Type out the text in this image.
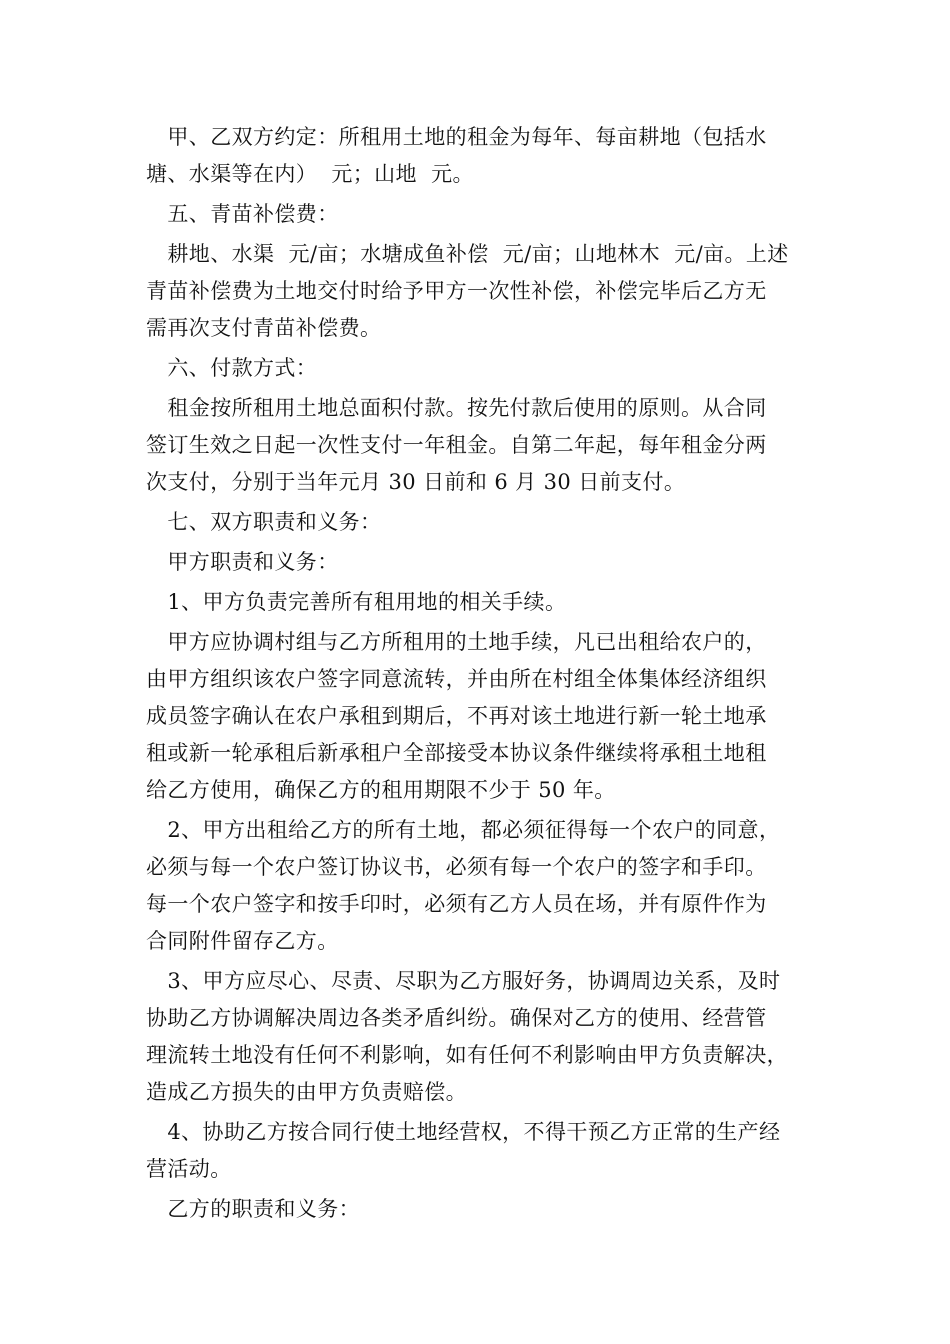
　甲、乙双方约定：所租用土地的租金为每年、每亩耕地（包括水
塘、水渠等在内）  元；山地  元。
　五、青苗补偿费：
　耕地、水渠  元/亩；水塘成鱼补偿  元/亩；山地林木  元/亩。上述
青苗补偿费为土地交付时给予甲方一次性补偿，补偿完毕后乙方无
需再次支付青苗补偿费。
　六、付款方式：
　租金按所租用土地总面积付款。按先付款后使用的原则。从合同
签订生效之日起一次性支付一年租金。自第二年起，每年租金分两
次支付，分别于当年元月 30 日前和 6 月 30 日前支付。
　七、双方职责和义务：
　甲方职责和义务：
　1、甲方负责完善所有租用地的相关手续。
　甲方应协调村组与乙方所租用的土地手续，凡已出租给农户的，
由甲方组织该农户签字同意流转，并由所在村组全体集体经济组织
成员签字确认在农户承租到期后，不再对该土地进行新一轮土地承
租或新一轮承租后新承租户全部接受本协议条件继续将承租土地租
给乙方使用，确保乙方的租用期限不少于 50 年。
　2、甲方出租给乙方的所有土地，都必须征得每一个农户的同意，
必须与每一个农户签订协议书，必须有每一个农户的签字和手印。
每一个农户签字和按手印时，必须有乙方人员在场，并有原件作为
合同附件留存乙方。
　3、甲方应尽心、尽责、尽职为乙方服好务，协调周边关系，及时
协助乙方协调解决周边各类矛盾纠纷。确保对乙方的使用、经营管
理流转土地没有任何不利影响，如有任何不利影响由甲方负责解决，
造成乙方损失的由甲方负责赔偿。
　4、协助乙方按合同行使土地经营权，不得干预乙方正常的生产经
营活动。
　乙方的职责和义务：
